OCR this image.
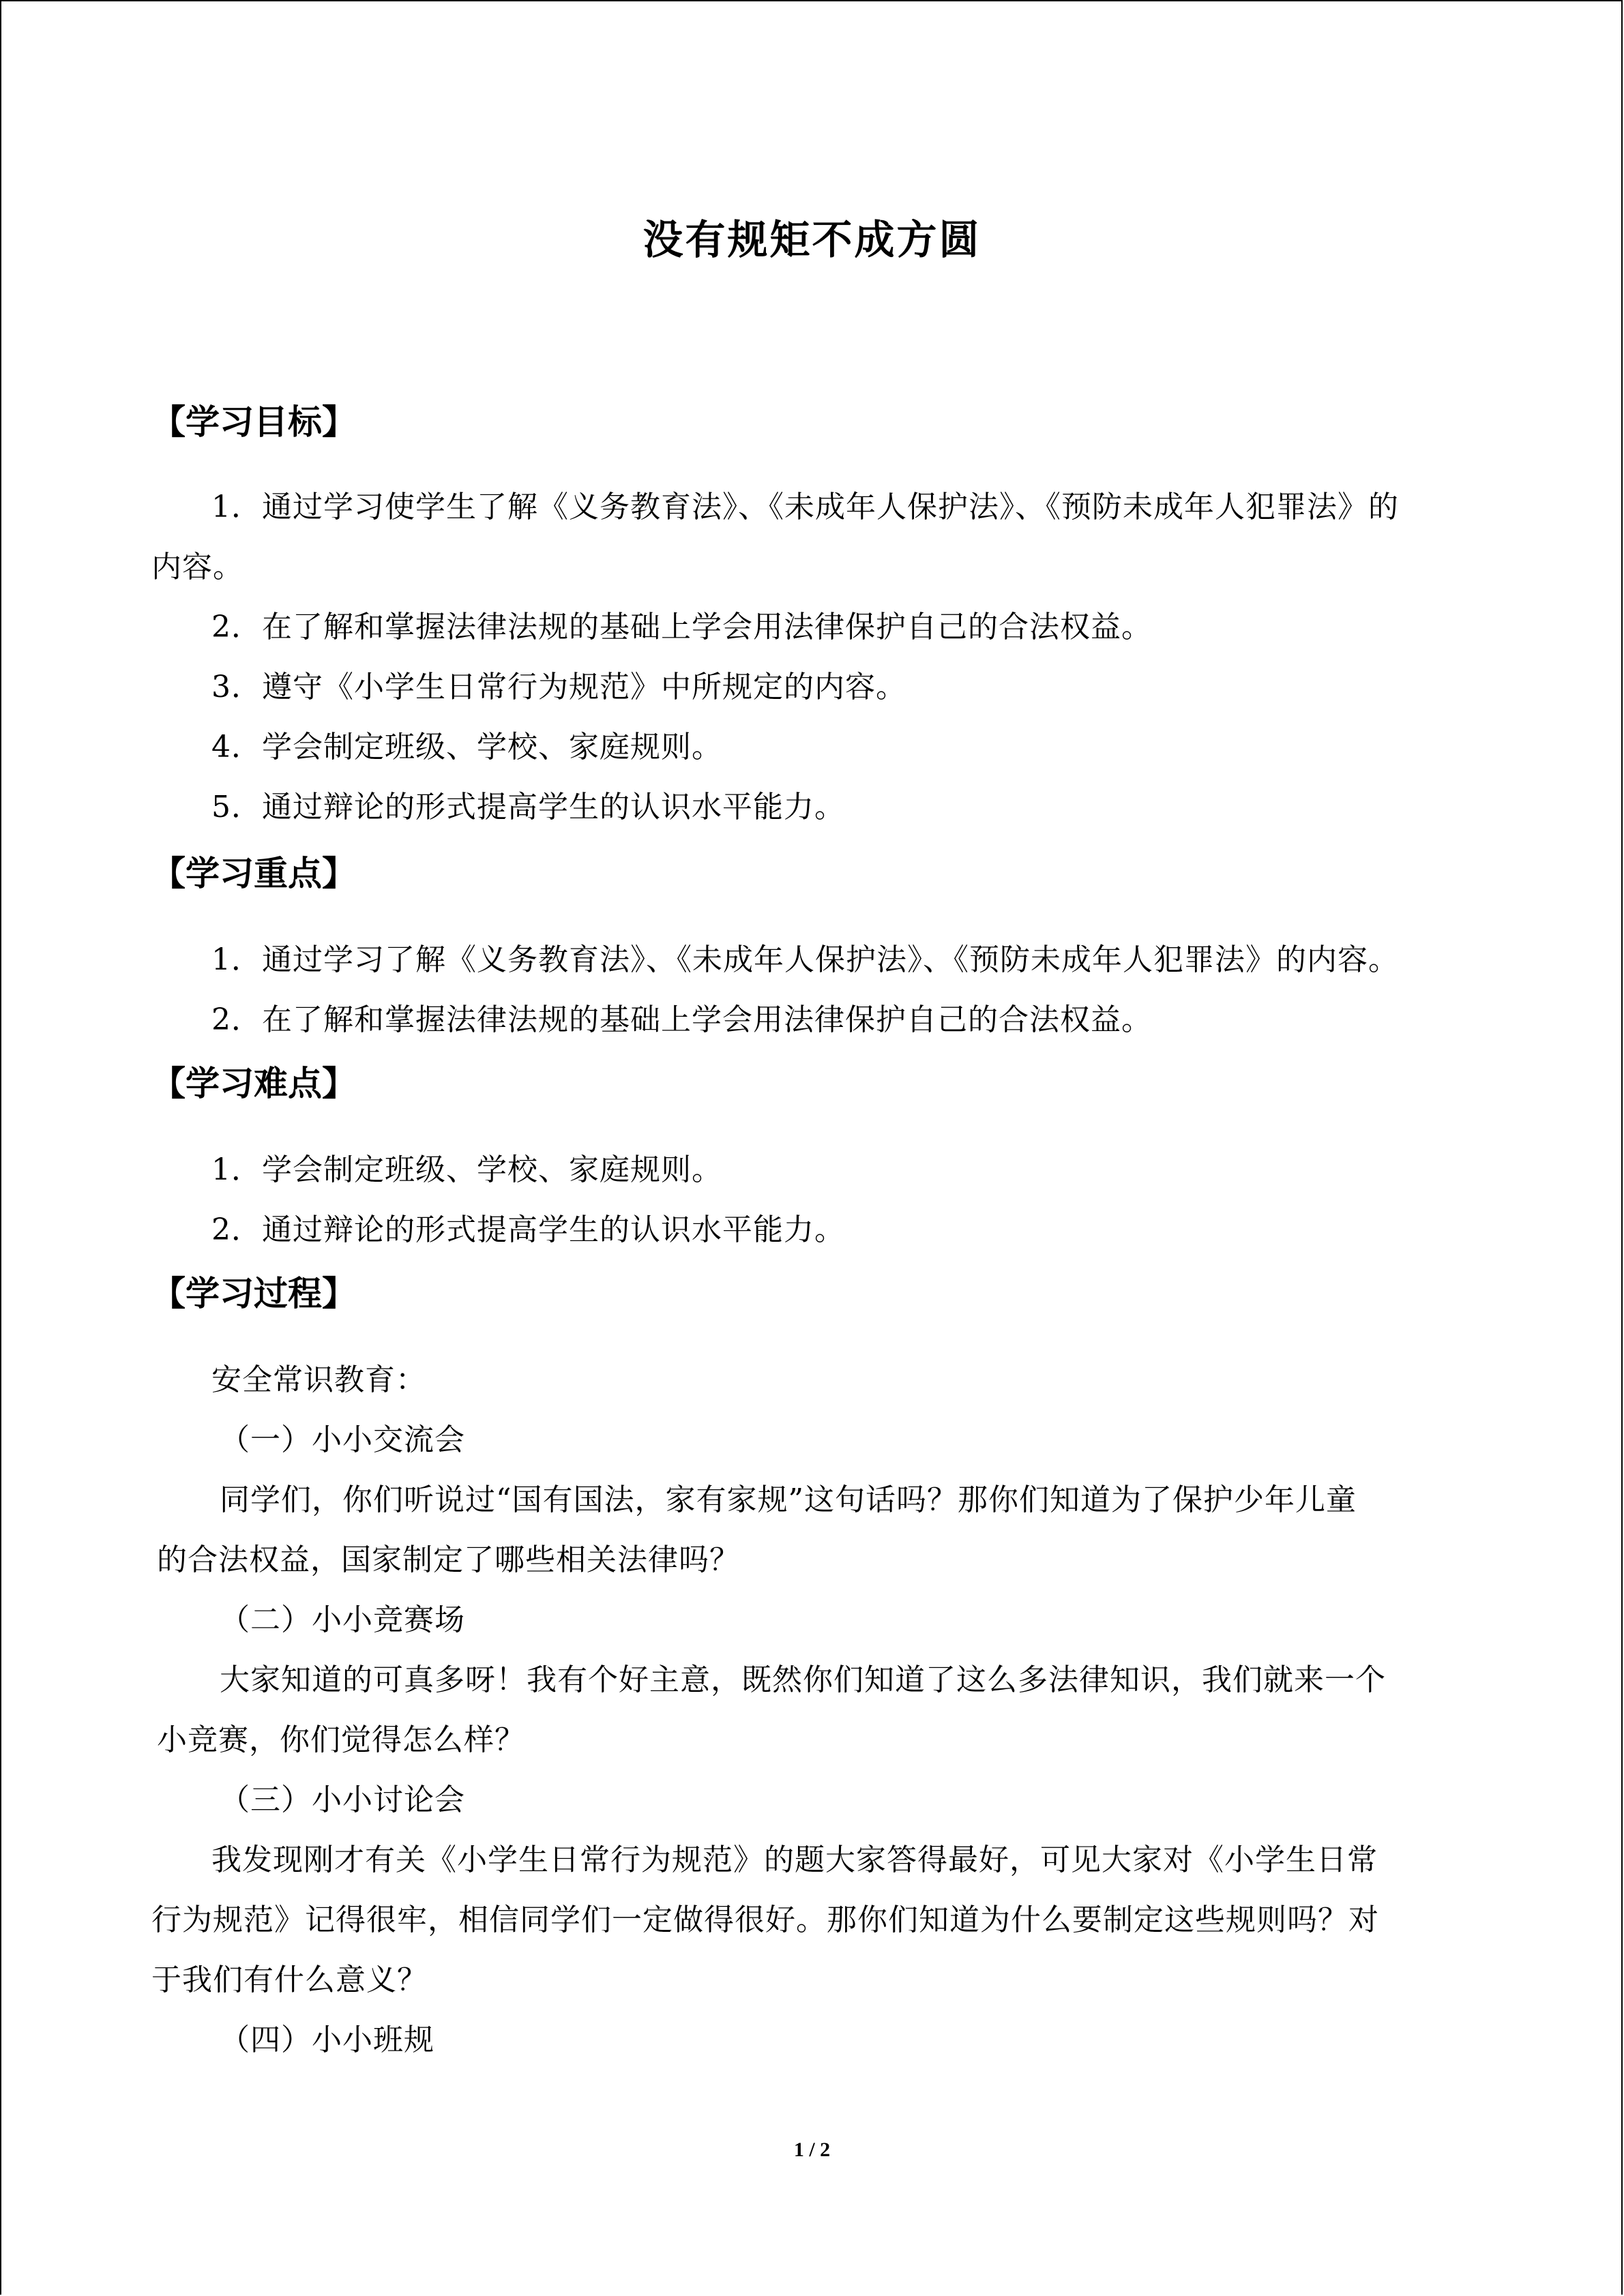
没有规矩不成方圆
【学习目标】
1．通过学习使学生了解《义务教育法》、《未成年人保护法》、《预防未成年人犯罪法》的
内容。
2．在了解和掌握法律法规的基础上学会用法律保护自己的合法权益。
3．遵守《小学生日常行为规范》中所规定的内容。
4．学会制定班级、学校、家庭规则。
5．通过辩论的形式提高学生的认识水平能力。
【学习重点】
1．通过学习了解《义务教育法》、《未成年人保护法》、《预防未成年人犯罪法》的内容。
2．在了解和掌握法律法规的基础上学会用法律保护自己的合法权益。
【学习难点】
1．学会制定班级、学校、家庭规则。
2．通过辩论的形式提高学生的认识水平能力。
【学习过程】
安全常识教育：
（一）小小交流会
同学们，你们听说过“国有国法，家有家规”这句话吗？那你们知道为了保护少年儿童
的合法权益，国家制定了哪些相关法律吗？
（二）小小竞赛场
大家知道的可真多呀！我有个好主意，既然你们知道了这么多法律知识，我们就来一个
小竞赛，你们觉得怎么样？
（三）小小讨论会
我发现刚才有关《小学生日常行为规范》的题大家答得最好，可见大家对《小学生日常
行为规范》记得很牢，相信同学们一定做得很好。那你们知道为什么要制定这些规则吗？对
于我们有什么意义？
（四）小小班规
1 / 2
